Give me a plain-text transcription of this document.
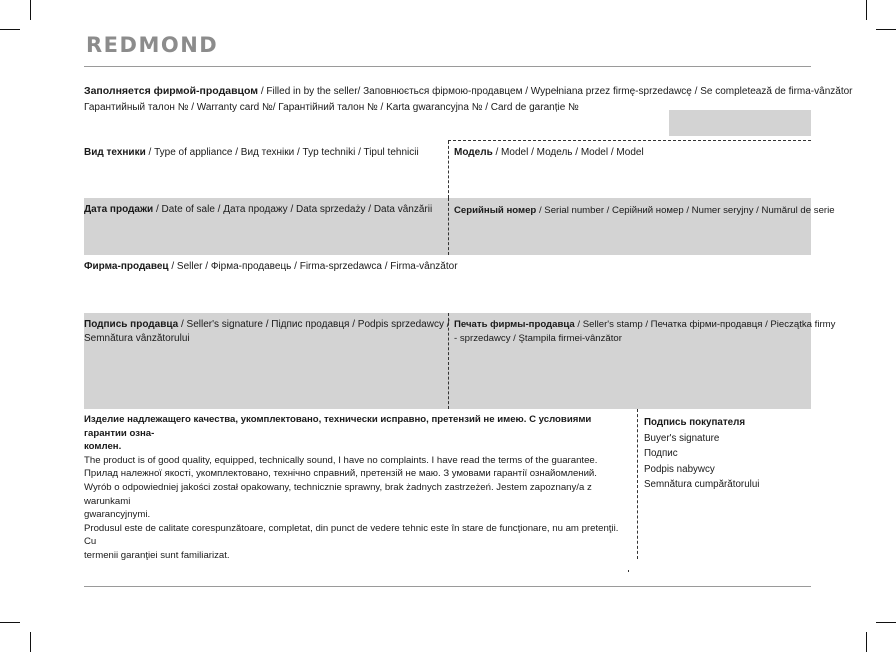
REDMOND
Заполняется фирмой-продавцом / Filled in by the seller/ Заповнюється фірмою-продавцем / Wypełniana przez firmę-sprzedawcę / Se completează de firma-vânzător
Гарантийный талон № / Warranty card №/ Гарантійний талон № / Karta gwarancyjna № / Card de garanție №
Вид техники / Type of appliance / Вид техніки / Typ techniki / Tipul tehnicii	Модель / Model / Модель / Model / Model
Дата продажи / Date of sale / Дата продажу / Data sprzedaży / Data vânzării Серийный номер / Serial number / Серійний номер / Numer seryjny / Numărul de serie
Фирма-продавец / Seller / Фірма-продавець / Firma-sprzedawca / Firma-vânzător
Подпись продавца / Seller's signature / Підпис продавця / Podpis sprzedawcy /
Semnătura vânzătorului
Печать фирмы-продавца / Seller's stamp / Печатка фірми-продавця / Pieczątka firmy
- sprzedawcy / Ştampila firmei-vânzător

Изделие надлежащего качества, укомплектовано, технически исправно, претензий не имею. С условиями гарантии озна-

комлен.

The product is of good quality, equipped, technically sound, I have no complaints. I have read the terms of the guarantee.

Прилад належної якості, укомплектовано, технічно справний, претензій не маю. З умовами гарантії ознайомлений.

Wyrób o odpowiedniej jakości został opakowany, technicznie sprawny, brak żadnych zastrzeżeń. Jestem zapoznany/a z warunkami

gwarancyjnymi.

Produsul este de calitate corespunzătoare, completat, din punct de vedere tehnic este în stare de funcţionare, nu am pretenţii. Cu

termenii garanţiei sunt familiarizat.

Подпись покупателя
Buyer's signature
Подпис
Podpis nabywcy
Semnătura cumpărătorului
